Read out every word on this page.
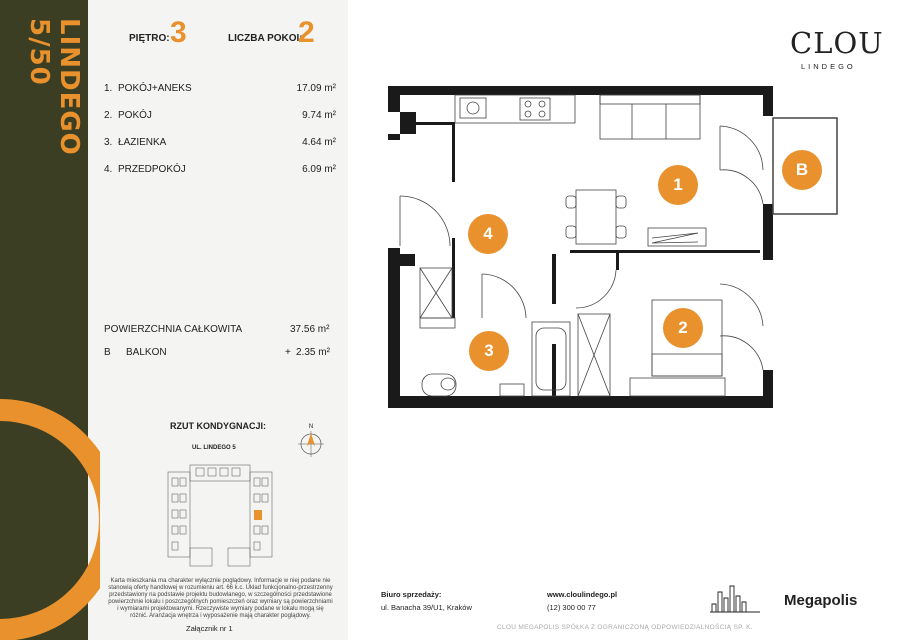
LINDEGO 5/50	PIĘTRO: 3	LICZBA POKOI:
2
1. POKÓJ+ANEKS	17.09 m²
2. POKÓJ	9.74 m²
3. ŁAZIENKA	4.64 m²
4. PRZEDPOKÓJ	6.09 m²
POWIERZCHNIA CAŁKOWITA	37.56 m²
B BALKON	+ 2.35 m²
RZUT KONDYGNACJI:
UL. LINDEGO 5
N
Karta mieszkania ma charakter wyłącznie poglądowy. Informacje w niej podane nie stanowią oferty handlowej w rozumieniu art. 66 k.c. Układ funkcjonalno-przestrzenny przedstawiony na podstawie projektu budowlanego, w szczególności przedstawione powierzchnie lokalu i poszczególnych pomieszczeń oraz wymiary są powierzchniami i wymiarami projektowanymi. Rzeczywiste wymiary podane w lokalu mogą się różnić. Aranżacja wnętrza i wyposażenie mają charakter poglądowy.
Załącznik nr 1
CLOU
LINDEGO
1
2
3
4
B
Biuro sprzedaży:
ul. Banacha 39/U1, Kraków
www.cloulindego.pl
(12) 300 00 77	Megapolis
CLOU MEGAPOLIS SPÓŁKA Z OGRANICZONĄ ODPOWIEDZIALNOŚCIĄ SP. K.
